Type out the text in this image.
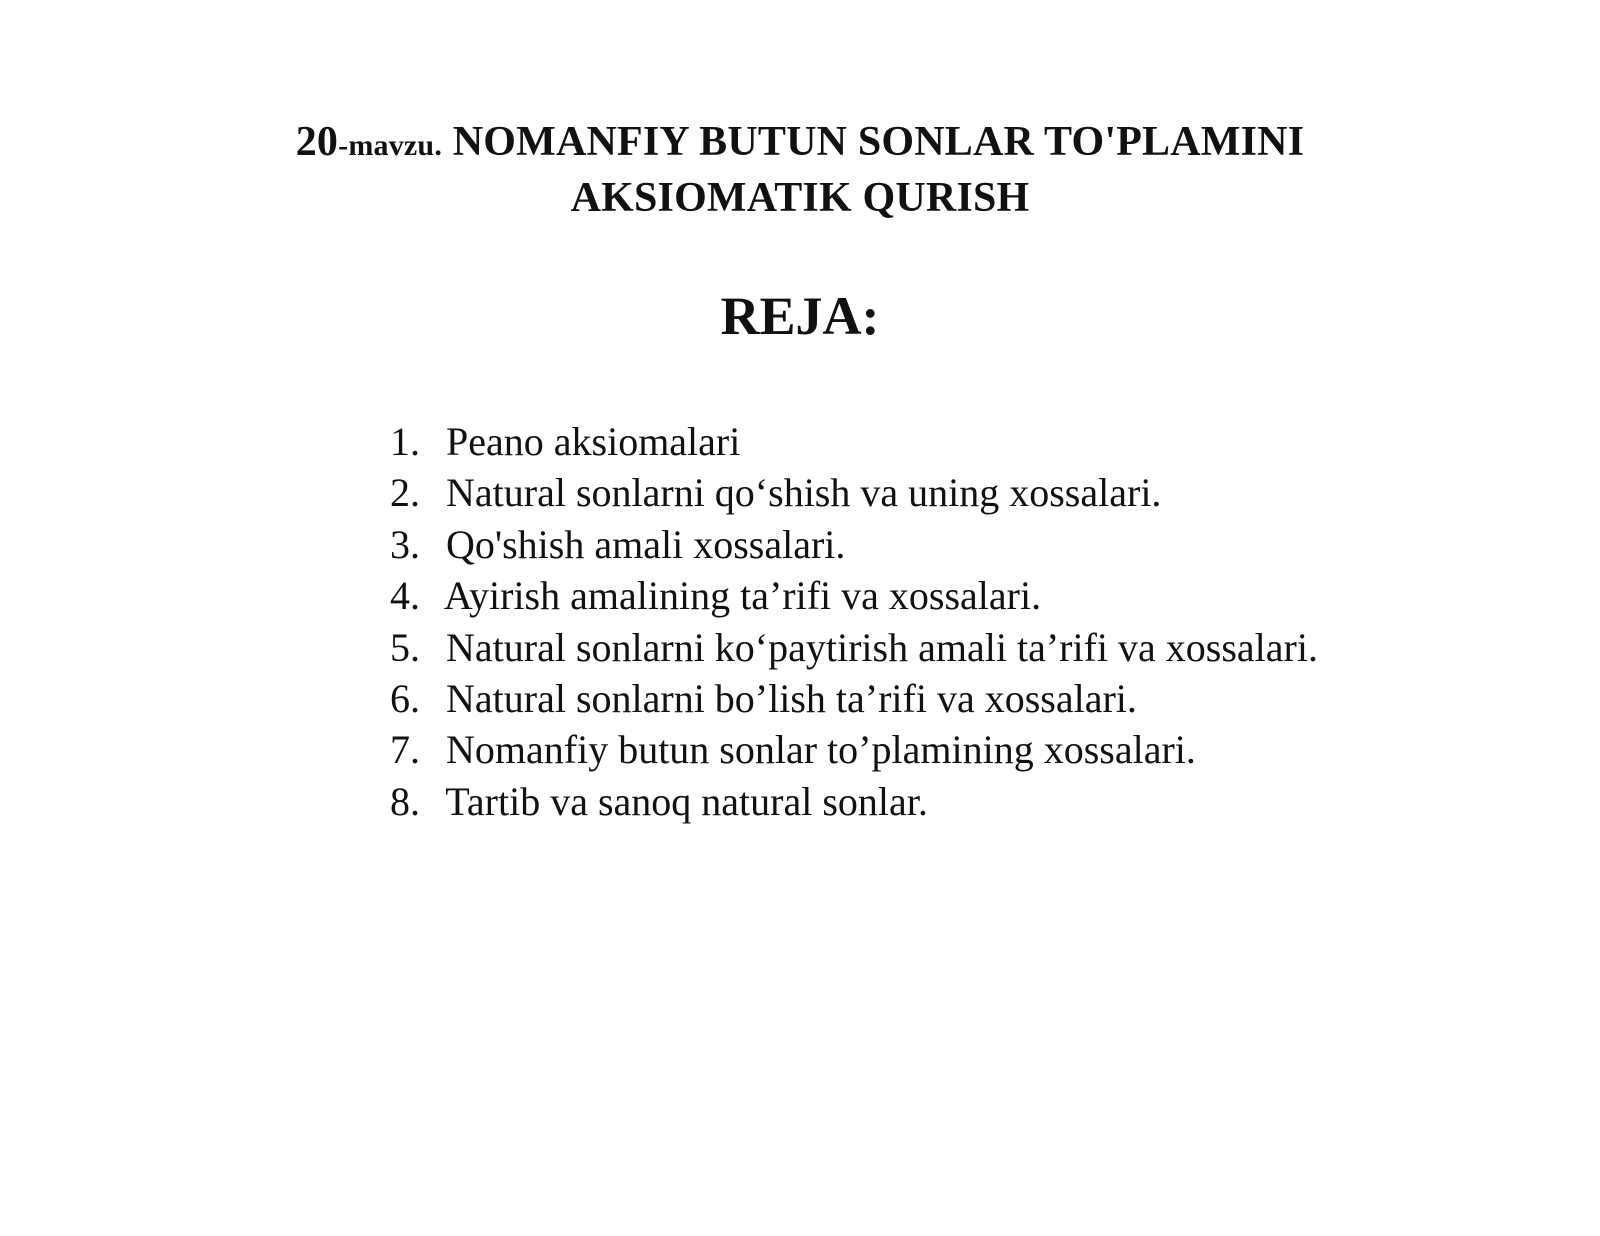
20-mavzu. NOMANFIY BUTUN SONLAR TO'PLAMINI
AKSIOMATIK QURISH
REJA:
1. Peano aksiomalari
2. Natural sonlarni qo‘shish va uning xossalari.
3. Qo'shish amali xossalari.
4. Ayirish amalining ta’rifi va xossalari.
5. Natural sonlarni ko‘paytirish amali ta’rifi va xossalari.
6. Natural sonlarni bo’lish ta’rifi va xossalari.
7. Nomanfiy butun sonlar to’plamining xossalari.
8. Tartib va sanoq natural sonlar.
